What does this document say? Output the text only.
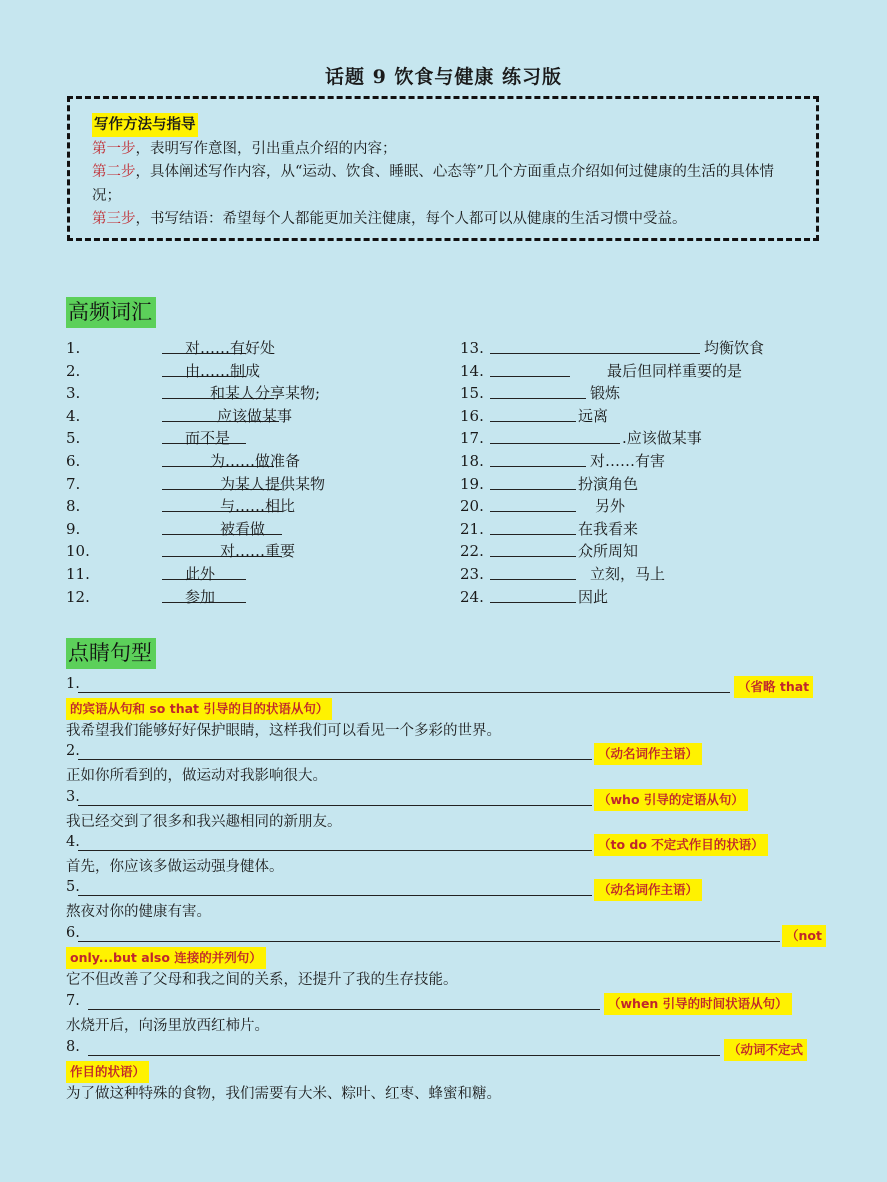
话题 9 饮食与健康 练习版
写作方法与指导
第一步，表明写作意图，引出重点介绍的内容；
第二步，具体阐述写作内容，从“运动、饮食、睡眠、心态等”几个方面重点介绍如何过健康的生活的具体情况；
第三步，书写结语：希望每个人都能更加关注健康，每个人都可以从健康的生活习惯中受益。
高频词汇
1.	对……有好处
2.	由……制成
3.	和某人分享某物;
4.	应该做某事
5.	而不是
6.	为……做准备
7.	为某人提供某物
8.	与……相比
9.	被看做
10.	对……重要
11.	此外
12.	参加
13.	均衡饮食
14.	最后但同样重要的是
15.	锻炼
16.	远离
17.	.应该做某事
18.	对……有害
19.	扮演角色
20.	另外
21.	在我看来
22.	众所周知
23.	立刻，马上
24.	因此
点睛句型
1.	（省略 that
的宾语从句和 so that 引导的目的状语从句）
我希望我们能够好好保护眼睛，这样我们可以看见一个多彩的世界。
2.	（动名词作主语）
正如你所看到的，做运动对我影响很大。
3.	（who 引导的定语从句）
我已经交到了很多和我兴趣相同的新朋友。
4.	（to do 不定式作目的状语）
首先，你应该多做运动强身健体。
5.	（动名词作主语）
熬夜对你的健康有害。
6.	（not
only...but also 连接的并列句）
它不但改善了父母和我之间的关系，还提升了我的生存技能。
7.	（when 引导的时间状语从句）
水烧开后，向汤里放西红柿片。
8.	（动词不定式
作目的状语）
为了做这种特殊的食物，我们需要有大米、粽叶、红枣、蜂蜜和糖。
